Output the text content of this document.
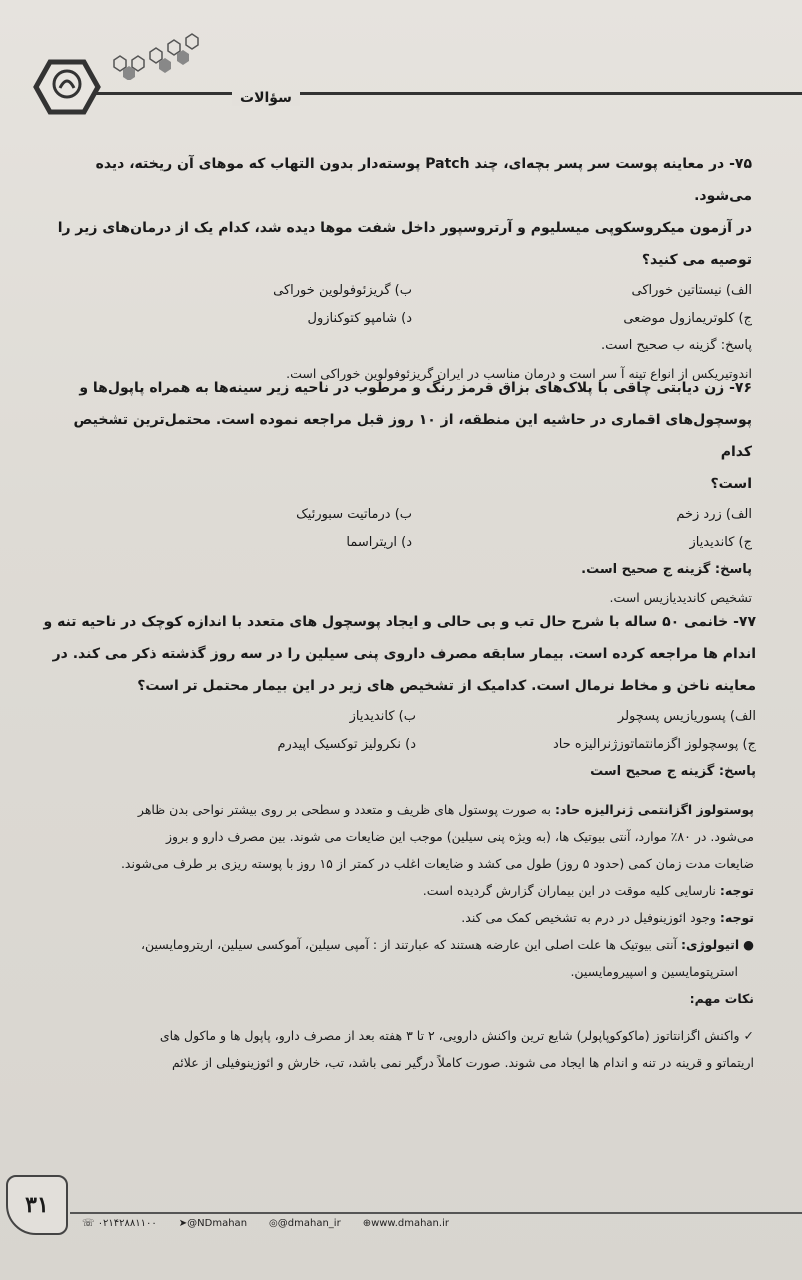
سؤالات
۷۵- در معاینه پوست سر پسر بچه‌ای، چند Patch پوسته‌دار بدون التهاب که موهای آن ریخته، دیده می‌شود.
در آزمون میکروسکوپی میسلیوم و آرتروسپور داخل شفت موها دیده شد، کدام یک از درمان‌های زیر را
توصیه می کنید؟
الف) نیستاتین خوراکی
ب) گریزئوفولوین خوراکی
ج) کلوتریمازول موضعی
د) شامپو کتوکنازول
پاسخ: گزینه ب صحیح است.
اندوتیریکس از انواع تینه آ سر است و درمان مناسب در ایران گریزئوفولوین خوراکی است.
۷۶- زن دیابتی چاقی با پلاک‌های بزاق قرمز رنگ و مرطوب در ناحیه زیر سینه‌ها به همراه پاپول‌ها و
پوسچول‌های اقماری در حاشیه این منطقه، از ۱۰ روز قبل مراجعه نموده است. محتمل‌ترین تشخیص کدام
است؟
الف) زرد زخم
ب) درماتیت سبورئیک
ج) کاندیدیاز
د) اریتراسما
پاسخ: گزینه ج صحیح است.
تشخیص کاندیدیازیس است.
۷۷- خانمی ۵۰ ساله با شرح حال تب و بی حالی و ایجاد پوسچول های متعدد با اندازه کوچک در ناحیه تنه و
اندام ها مراجعه کرده است. بیمار سابقه مصرف داروی پنی سیلین را در سه روز گذشته ذکر می کند. در
معاینه ناخن و مخاط نرمال است. کدامیک از تشخیص های زیر در این بیمار محتمل تر است؟
الف) پسوریازیس پسچولر
ب) کاندیدیاز
ج) پوسچولوز اگزمانتماتوزژنرالیزه حاد
د) نکرولیز توکسیک اپیدرم
پاسخ: گزینه ج صحیح است
پوستولوز اگزانتمی ژنرالیزه حاد: به صورت پوستول های ظریف و متعدد و سطحی بر روی بیشتر نواحی بدن ظاهر
می‌شود. در ۸۰٪ موارد، آنتی بیوتیک ها، (به ویژه پنی سیلین) موجب این ضایعات می شوند. بین مصرف دارو و بروز
ضایعات مدت زمان کمی (حدود ۵ روز) طول می کشد و ضایعات اغلب در کمتر از ۱۵ روز با پوسته ریزی بر طرف می‌شوند.
توجه: نارسایی کلیه موقت در این بیماران گزارش گردیده است.
توجه: وجود ائوزینوفیل در درم به تشخیص کمک می کند.
● اتیولوژی: آنتی بیوتیک ها علت اصلی این عارضه هستند که عبارتند از : آمپی سیلین، آموکسی سیلین، اریترومایسین،
استرپتومایسین و اسپیرومایسین.
نکات مهم:
✓ واکنش اگزانتاتوز (ماکوکوپاپولر) شایع ترین واکنش دارویی، ۲ تا ۳ هفته بعد از مصرف دارو، پاپول ها و ماکول های
اریتماتو و قرینه در تنه و اندام ها ایجاد می شوند. صورت کاملاً درگیر نمی باشد، تب، خارش و ائوزینوفیلی از علائم
۳۱
☏ ۰۲۱۴۲۸۸۱۱۰۰ ➤@NDmahan ◎@dmahan_ir ⊕www.dmahan.ir
